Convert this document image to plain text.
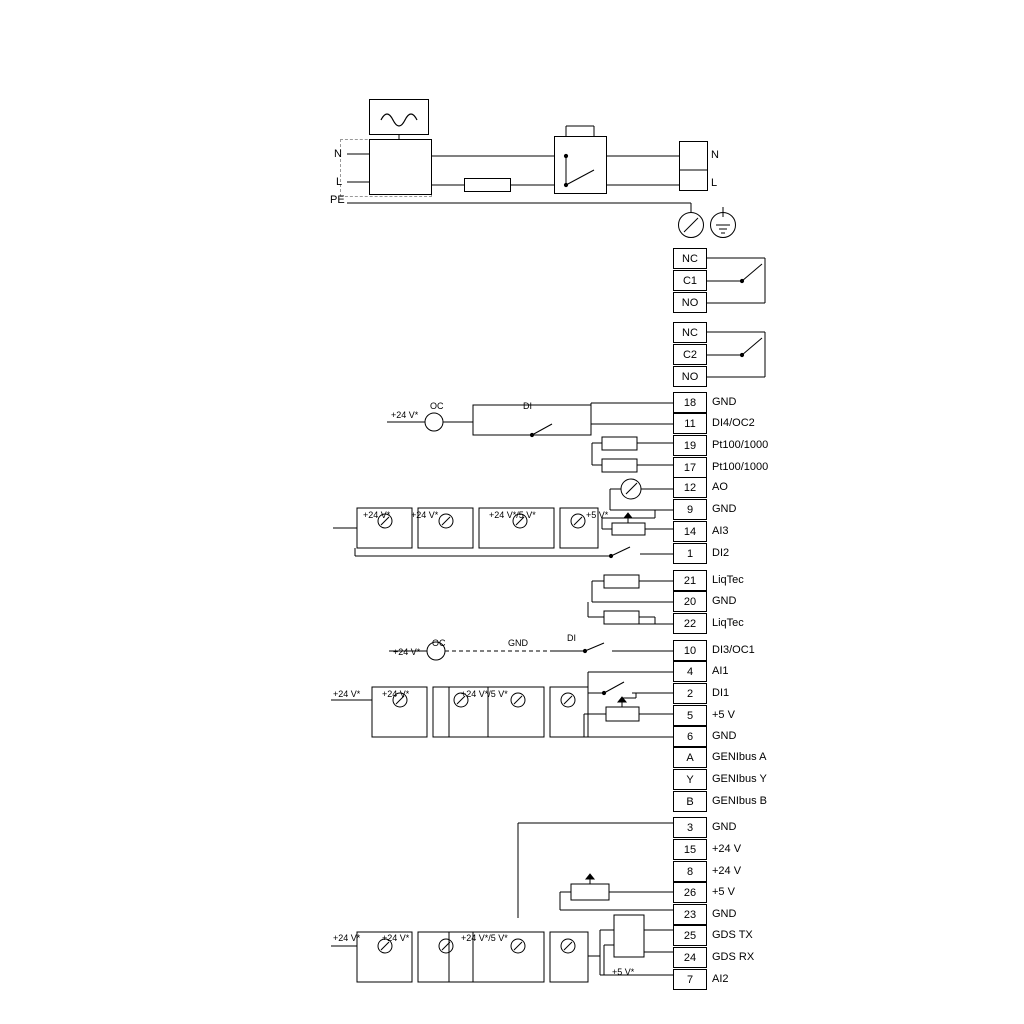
N
L
PE
N
L
NC
C1
NO
NC
C2
NO
18	GND
11	DI4/OC2
19	Pt100/1000
17	Pt100/1000
12	AO
9	GND
14	AI3
1	DI2
21	LiqTec
20	GND
22	LiqTec
10	DI3/OC1
4	AI1
2	DI1
5	+5 V
6	GND
A	GENIbus A
Y	GENIbus Y
B	GENIbus B
3	GND
15	+24 V
8	+24 V
26	+5 V
23	GND
25	GDS TX
24	GDS RX
7	AI2
+24 V*
OC	DI
+24 V* +24 V*	+24 V*/5 V*	+5 V*
+24 V*
OC	GND	DI
+24 V* +24 V*	+24 V*/5 V*
+24 V* +24 V*	+24 V*/5 V*
+5 V*
